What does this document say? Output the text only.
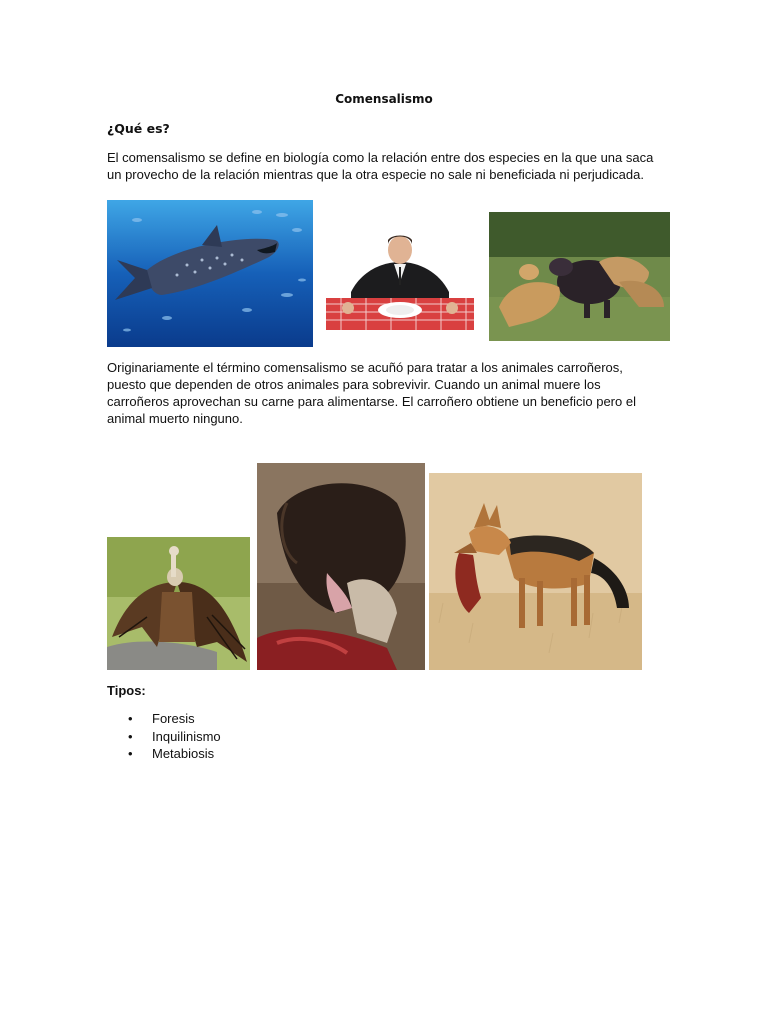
Comensalismo
¿Qué es?
El comensalismo se define en biología como la relación entre dos especies en la que una saca
un provecho de la relación mientras que la otra especie no sale ni beneficiada ni perjudicada.
Originariamente el término comensalismo se acuñó para tratar a los animales carroñeros,
puesto que dependen de otros animales para sobrevivir. Cuando un animal muere los
carroñeros aprovechan su carne para alimentarse. El carroñero obtiene un beneficio pero el
animal muerto ninguno.
Tipos:
• Foresis
• Inquilinismo
• Metabiosis
